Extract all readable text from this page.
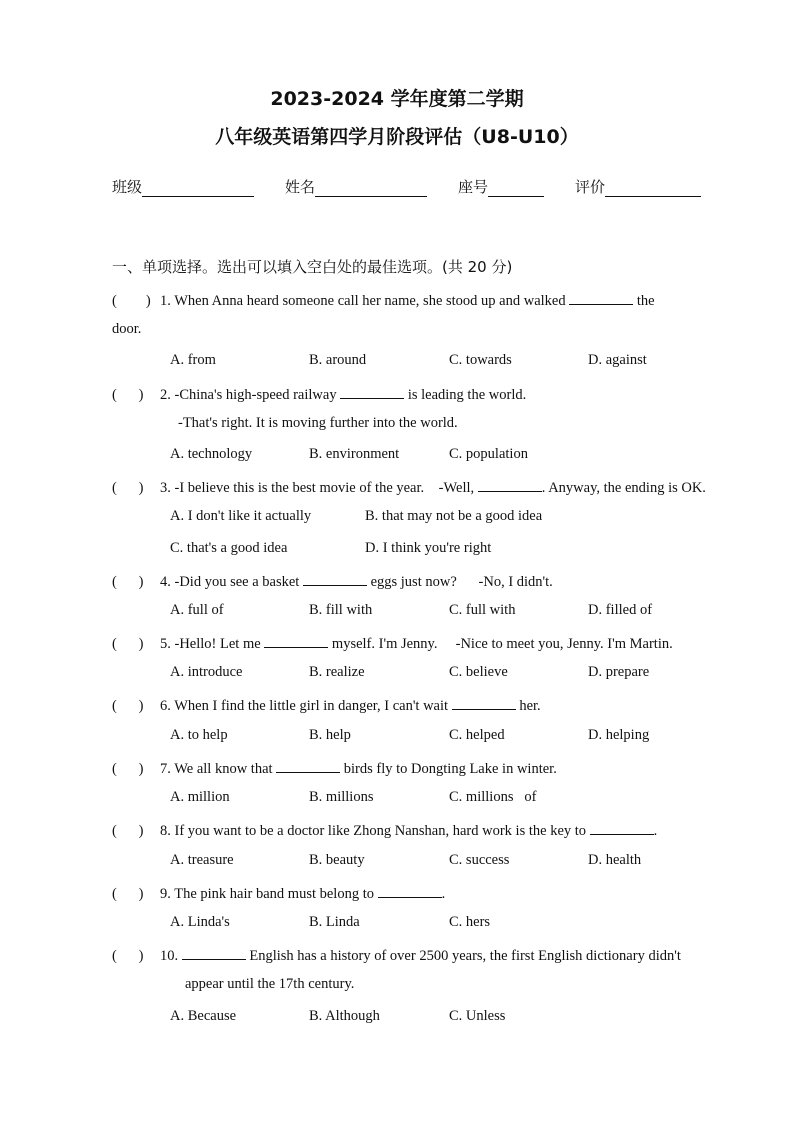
2023-2024 学年度第二学期
八年级英语第四学月阶段评估（U8-U10）
班级	姓名	座号	评价
一、单项选择。选出可以填入空白处的最佳选项。(共 20 分)
(        ) 1. When Anna heard someone call her name, she stood up and walked	the
door.
A. from	B. around	C. towards	D. against
(      ) 2. -China's high-speed railway	is leading the world.
-That's right. It is moving further into the world.
A. technology	B. environment	C. population
(      ) 3. -I believe this is the best movie of the year.    -Well,	. Anyway, the ending is OK.
A. I don't like it actually	B. that may not be a good idea
C. that's a good idea	D. I think you're right
(      ) 4. -Did you see a basket	eggs just now?      -No, I didn't.
A. full of	B. fill with	C. full with	D. filled of
(      ) 5. -Hello! Let me	myself. I'm Jenny.     -Nice to meet you, Jenny. I'm Martin.
A. introduce	B. realize	C. believe	D. prepare
(      ) 6. When I find the little girl in danger, I can't wait	her.
A. to help	B. help	C. helped	D. helping
(      ) 7. We all know that	birds fly to Dongting Lake in winter.
A. million	B. millions	C. millions   of
(      ) 8. If you want to be a doctor like Zhong Nanshan, hard work is the key to	.
A. treasure	B. beauty	C. success	D. health
(      ) 9. The pink hair band must belong to	.
A. Linda's	B. Linda	C. hers
(      ) 10.	English has a history of over 2500 years, the first English dictionary didn't
appear until the 17th century.
A. Because	B. Although	C. Unless
